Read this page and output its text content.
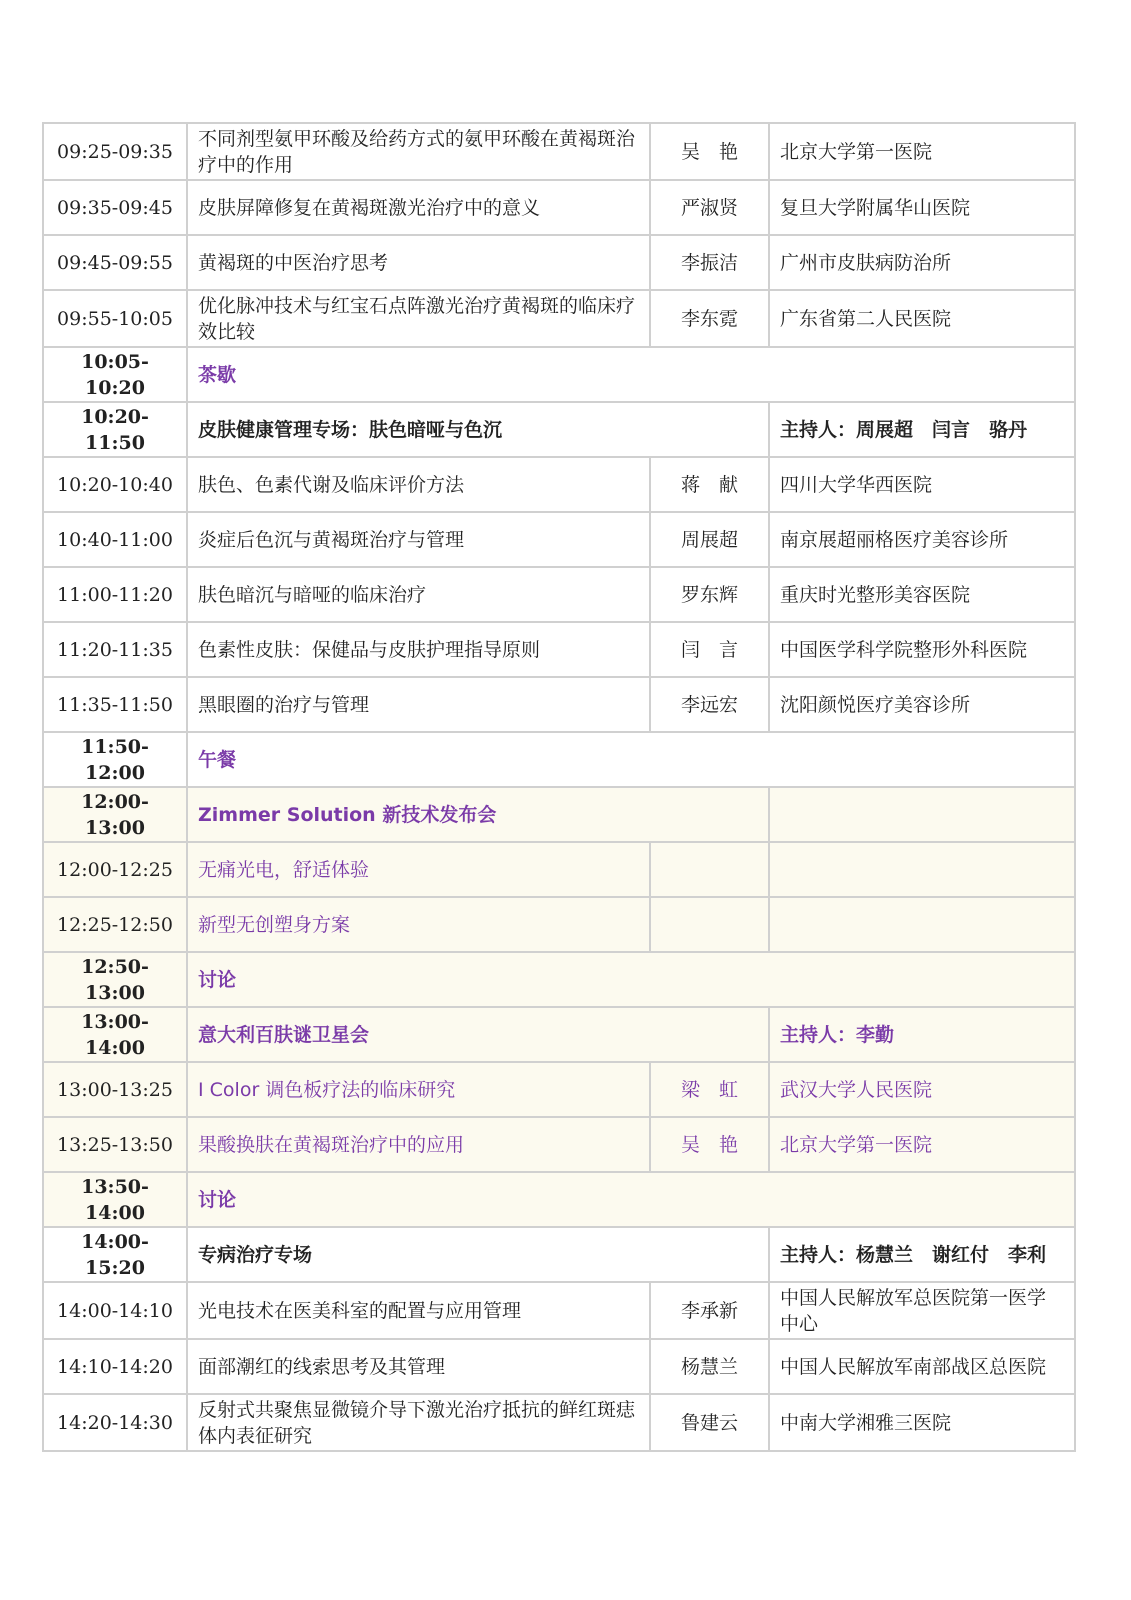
09:25-09:35	不同剂型氨甲环酸及给药方式的氨甲环酸在黄褐斑治疗中的作用	吴　艳	北京大学第一医院
09:35-09:45	皮肤屏障修复在黄褐斑激光治疗中的意义	严淑贤	复旦大学附属华山医院
09:45-09:55	黄褐斑的中医治疗思考	李振洁	广州市皮肤病防治所
09:55-10:05	优化脉冲技术与红宝石点阵激光治疗黄褐斑的临床疗效比较	李东霓	广东省第二人民医院
10:05-10:20	茶歇		
10:20-11:50	皮肤健康管理专场：肤色暗哑与色沉		主持人：周展超　闫言　骆丹
10:20-10:40	肤色、色素代谢及临床评价方法	蒋　献	四川大学华西医院
10:40-11:00	炎症后色沉与黄褐斑治疗与管理	周展超	南京展超丽格医疗美容诊所
11:00-11:20	肤色暗沉与暗哑的临床治疗	罗东辉	重庆时光整形美容医院
11:20-11:35	色素性皮肤：保健品与皮肤护理指导原则	闫　言	中国医学科学院整形外科医院
11:35-11:50	黑眼圈的治疗与管理	李远宏	沈阳颜悦医疗美容诊所
11:50-12:00	午餐		
12:00-13:00	Zimmer Solution 新技术发布会		
12:00-12:25	无痛光电，舒适体验		
12:25-12:50	新型无创塑身方案		
12:50-13:00	讨论		
13:00-14:00	意大利百肤谜卫星会		主持人：李勤
13:00-13:25	I Color 调色板疗法的临床研究	梁　虹	武汉大学人民医院
13:25-13:50	果酸换肤在黄褐斑治疗中的应用	吴　艳	北京大学第一医院
13:50-14:00	讨论		
14:00-15:20	专病治疗专场		主持人：杨慧兰　谢红付　李利
14:00-14:10	光电技术在医美科室的配置与应用管理	李承新	中国人民解放军总医院第一医学中心
14:10-14:20	面部潮红的线索思考及其管理	杨慧兰	中国人民解放军南部战区总医院
14:20-14:30	反射式共聚焦显微镜介导下激光治疗抵抗的鲜红斑痣体内表征研究	鲁建云	中南大学湘雅三医院
